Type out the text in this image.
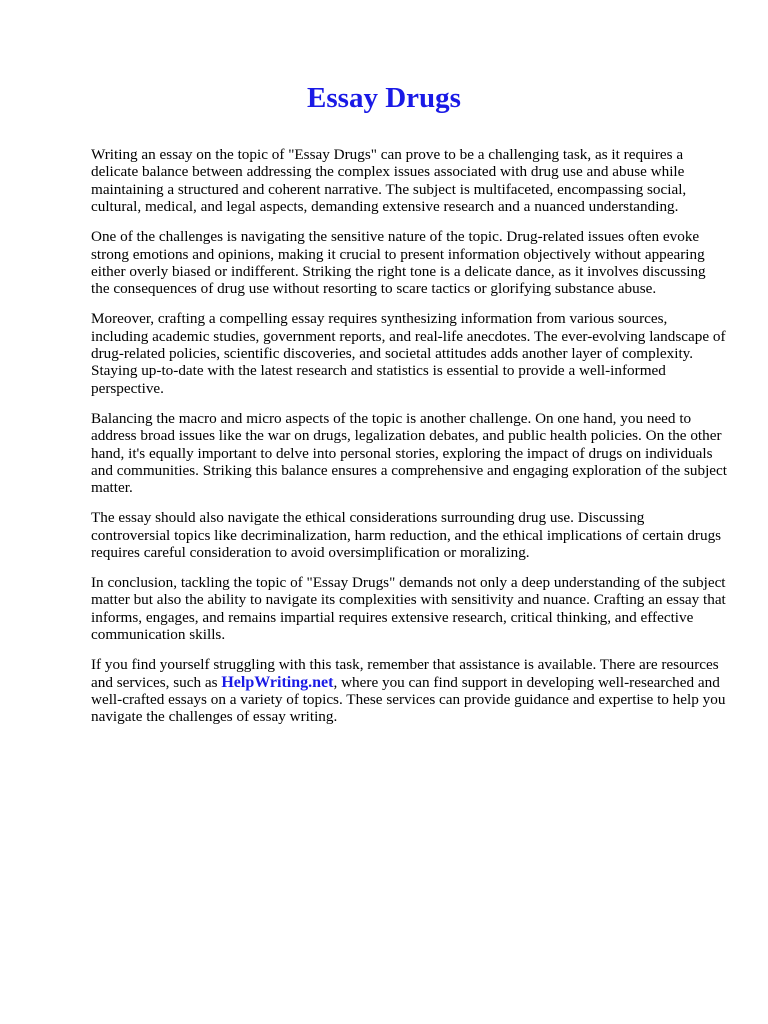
Essay Drugs

Writing an essay on the topic of "Essay Drugs" can prove to be a challenging task, as it requires a delicate balance between addressing the complex issues associated with drug use and abuse while maintaining a structured and coherent narrative. The subject is multifaceted, encompassing social, cultural, medical, and legal aspects, demanding extensive research and a nuanced understanding.

One of the challenges is navigating the sensitive nature of the topic. Drug-related issues often evoke strong emotions and opinions, making it crucial to present information objectively without appearing either overly biased or indifferent. Striking the right tone is a delicate dance, as it involves discussing the consequences of drug use without resorting to scare tactics or glorifying substance abuse.

Moreover, crafting a compelling essay requires synthesizing information from various sources, including academic studies, government reports, and real-life anecdotes. The ever-evolving landscape of drug-related policies, scientific discoveries, and societal attitudes adds another layer of complexity. Staying up-to-date with the latest research and statistics is essential to provide a well-informed perspective.

Balancing the macro and micro aspects of the topic is another challenge. On one hand, you need to address broad issues like the war on drugs, legalization debates, and public health policies. On the other hand, it's equally important to delve into personal stories, exploring the impact of drugs on individuals and communities. Striking this balance ensures a comprehensive and engaging exploration of the subject matter.

The essay should also navigate the ethical considerations surrounding drug use. Discussing controversial topics like decriminalization, harm reduction, and the ethical implications of certain drugs requires careful consideration to avoid oversimplification or moralizing.

In conclusion, tackling the topic of "Essay Drugs" demands not only a deep understanding of the subject matter but also the ability to navigate its complexities with sensitivity and nuance. Crafting an essay that informs, engages, and remains impartial requires extensive research, critical thinking, and effective communication skills.

If you find yourself struggling with this task, remember that assistance is available. There are resources and services, such as HelpWriting.net, where you can find support in developing well-researched and well-crafted essays on a variety of topics. These services can provide guidance and expertise to help you navigate the challenges of essay writing.
